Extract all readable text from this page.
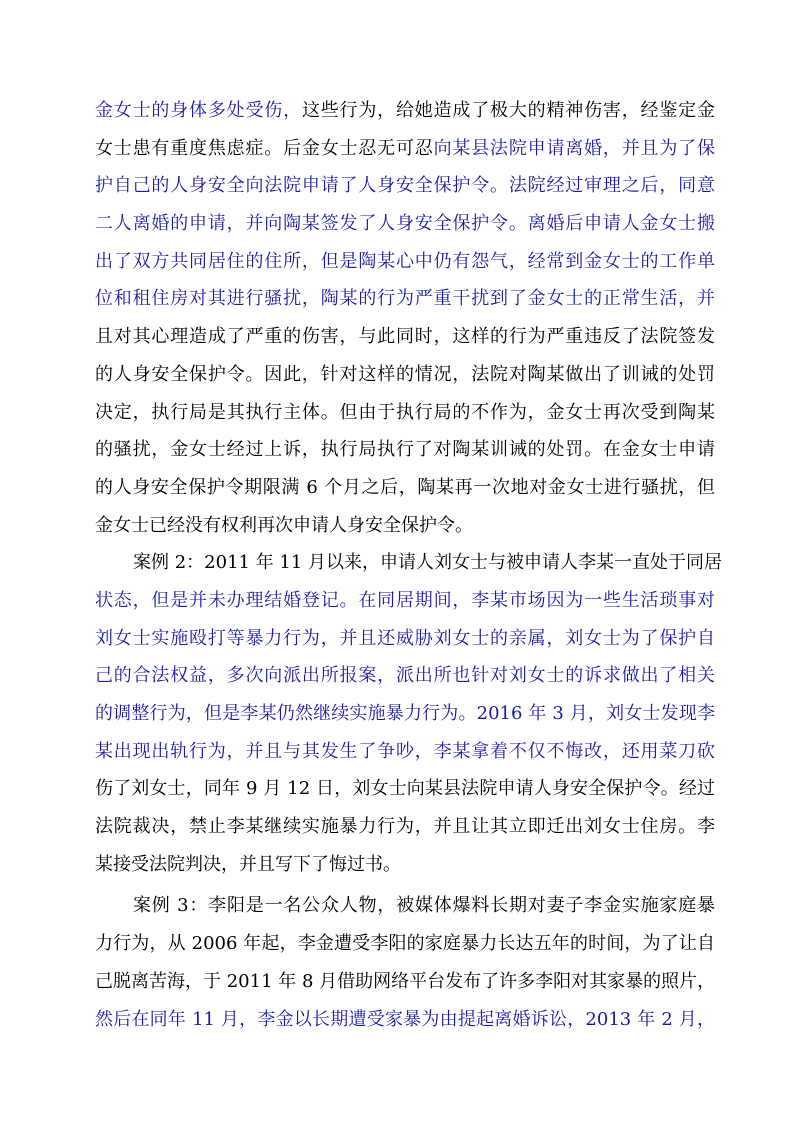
金女士的身体多处受伤，这些行为，给她造成了极大的精神伤害，经鉴定金
女士患有重度焦虑症。后金女士忍无可忍向某县法院申请离婚，并且为了保
护自己的人身安全向法院申请了人身安全保护令。法院经过审理之后，同意
二人离婚的申请，并向陶某签发了人身安全保护令。离婚后申请人金女士搬
出了双方共同居住的住所，但是陶某心中仍有怨气，经常到金女士的工作单
位和租住房对其进行骚扰，陶某的行为严重干扰到了金女士的正常生活，并
且对其心理造成了严重的伤害，与此同时，这样的行为严重违反了法院签发
的人身安全保护令。因此，针对这样的情况，法院对陶某做出了训诫的处罚
决定，执行局是其执行主体。但由于执行局的不作为，金女士再次受到陶某
的骚扰，金女士经过上诉，执行局执行了对陶某训诫的处罚。在金女士申请
的人身安全保护令期限满 6 个月之后，陶某再一次地对金女士进行骚扰，但
金女士已经没有权利再次申请人身安全保护令。
案例 2：2011 年 11 月以来，申请人刘女士与被申请人李某一直处于同居
状态，但是并未办理结婚登记。在同居期间，李某市场因为一些生活琐事对
刘女士实施殴打等暴力行为，并且还威胁刘女士的亲属，刘女士为了保护自
己的合法权益，多次向派出所报案，派出所也针对刘女士的诉求做出了相关
的调整行为，但是李某仍然继续实施暴力行为。2016 年 3 月，刘女士发现李
某出现出轨行为，并且与其发生了争吵，李某拿着不仅不悔改，还用菜刀砍
伤了刘女士，同年 9 月 12 日，刘女士向某县法院申请人身安全保护令。经过
法院裁决，禁止李某继续实施暴力行为，并且让其立即迁出刘女士住房。李
某接受法院判决，并且写下了悔过书。
案例 3：李阳是一名公众人物，被媒体爆料长期对妻子李金实施家庭暴
力行为，从 2006 年起，李金遭受李阳的家庭暴力长达五年的时间，为了让自
己脱离苦海，于 2011 年 8 月借助网络平台发布了许多李阳对其家暴的照片，
然后在同年 11 月，李金以长期遭受家暴为由提起离婚诉讼，2013 年 2 月，
